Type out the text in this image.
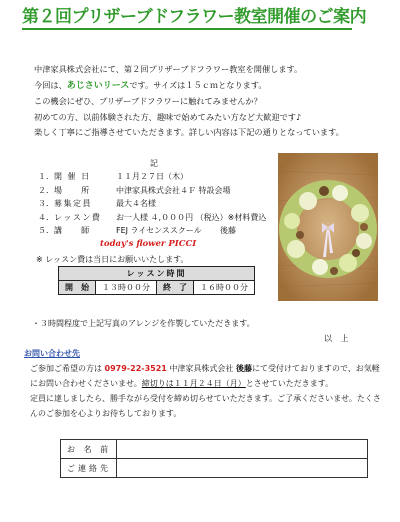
第２回プリザーブドフラワー教室開催のご案内

中津家具株式会社にて、第２回プリザーブドフラワー教室を開催します。

今回は、あじさいリースです。サイズは１５ｃｍとなります。

この機会にぜひ、プリザーブドフラワーに触れてみませんか？

初めての方、以前体験された方、趣味で始めてみたい方など大歓迎です♪

楽しく丁寧にご指導させていただきます。詳しい内容は下記の通りとなっています。

記
１． 開 催 日	１１月２７日（木）
２． 場 　 所	中津家具株式会社４Ｆ 特設会場
３． 募集定員	最大４名様
４． レッスン費 お一人様 ４,０００円 （税込）※材料費込
５． 講 　 師	FEJ ライセンススクール 後藤
today's flower PICCI
※ レッスン費は当日にお願いいたします。
レッスン時間
開　始	１３時００分	終　了	１６時００分
・３時間程度で上記写真のアレンジを作製していただきます。
以 上
お問い合わせ先

ご参加ご希望の方は 0979-22-3521 中津家具株式会社 後藤にて受付けておりますので、お気軽にお問い合わせくださいませ。締切りは１１月２４日（月）とさせていただきます。

定員に達しましたら、勝手ながら受付を締め切らせていただきます。ご了承くださいませ。たくさんのご参加を心よりお待ちしております。

お 名 前	
ご連絡先	
